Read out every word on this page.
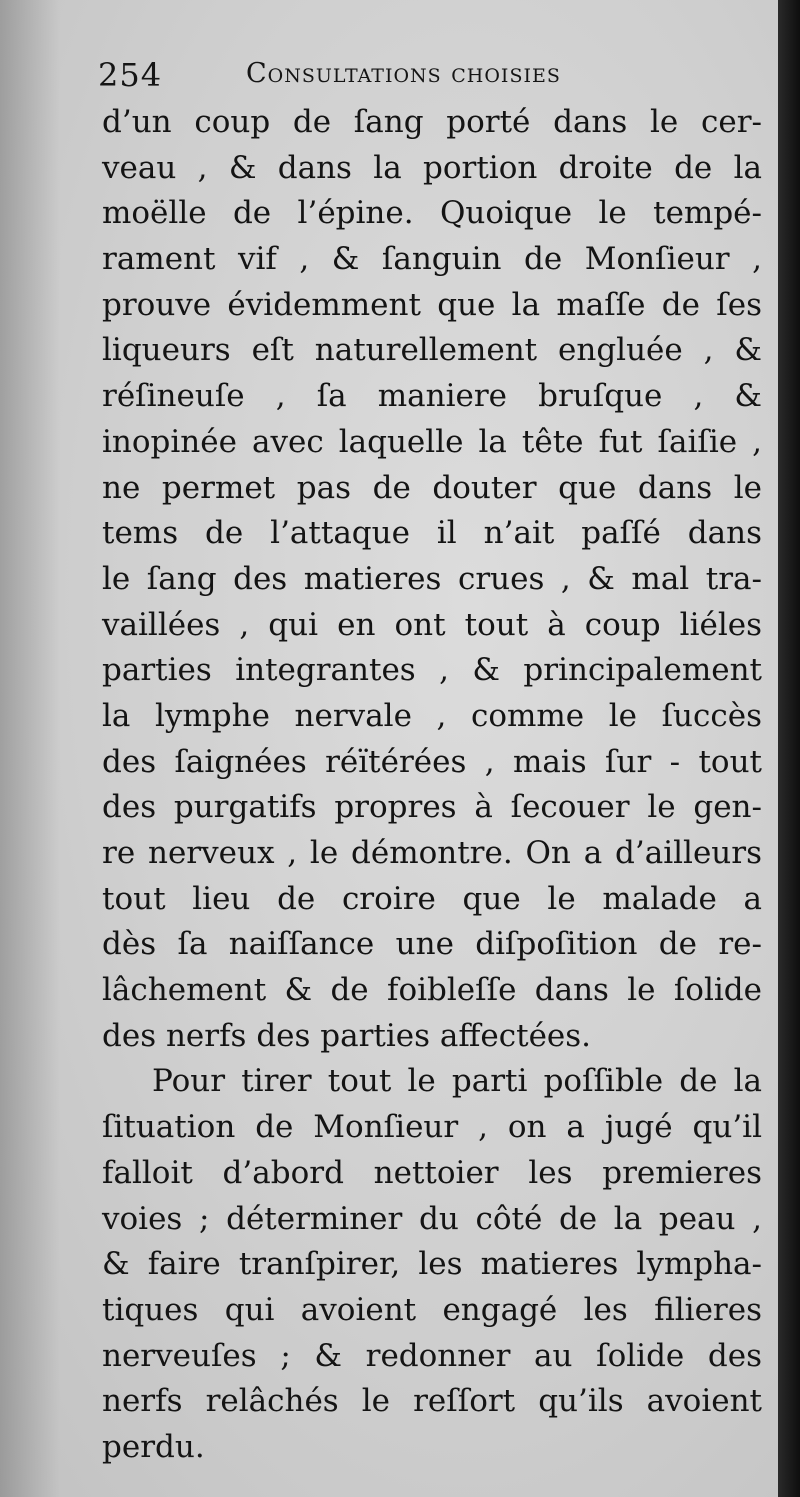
254	Consultations choisies
d’un coup de ſang porté dans le cer-
veau , & dans la portion droite de la
moëlle de l’épine. Quoique le tempé-
rament vif , & ſanguin de Monſieur ,
prouve évidemment que la maſſe de ſes
liqueurs eſt naturellement engluée , &
réſineuſe , ſa maniere bruſque , &
inopinée avec laquelle la tête fut ſaiſie ,
ne permet pas de douter que dans le
tems de l’attaque il n’ait paſſé dans
le ſang des matieres crues , & mal tra-
vaillées , qui en ont tout à coup liéles
parties integrantes , & principalement
la lymphe nervale , comme le ſuccès
des ſaignées réïtérées , mais ſur - tout
des purgatifs propres à ſecouer le gen-
re nerveux , le démontre. On a d’ailleurs
tout lieu de croire que le malade a
dès ſa naiſſance une diſpoſition de re-
lâchement & de foibleſſe dans le ſolide
des nerfs des parties affectées.
Pour tirer tout le parti poſſible de la
ſituation de Monſieur , on a jugé qu’il
falloit d’abord nettoier les premieres
voies ; déterminer du côté de la peau ,
& faire tranſpirer, les matieres lympha-
tiques qui avoient engagé les filieres
nerveuſes ; & redonner au ſolide des
nerfs relâchés le reſſort qu’ils avoient
perdu.
